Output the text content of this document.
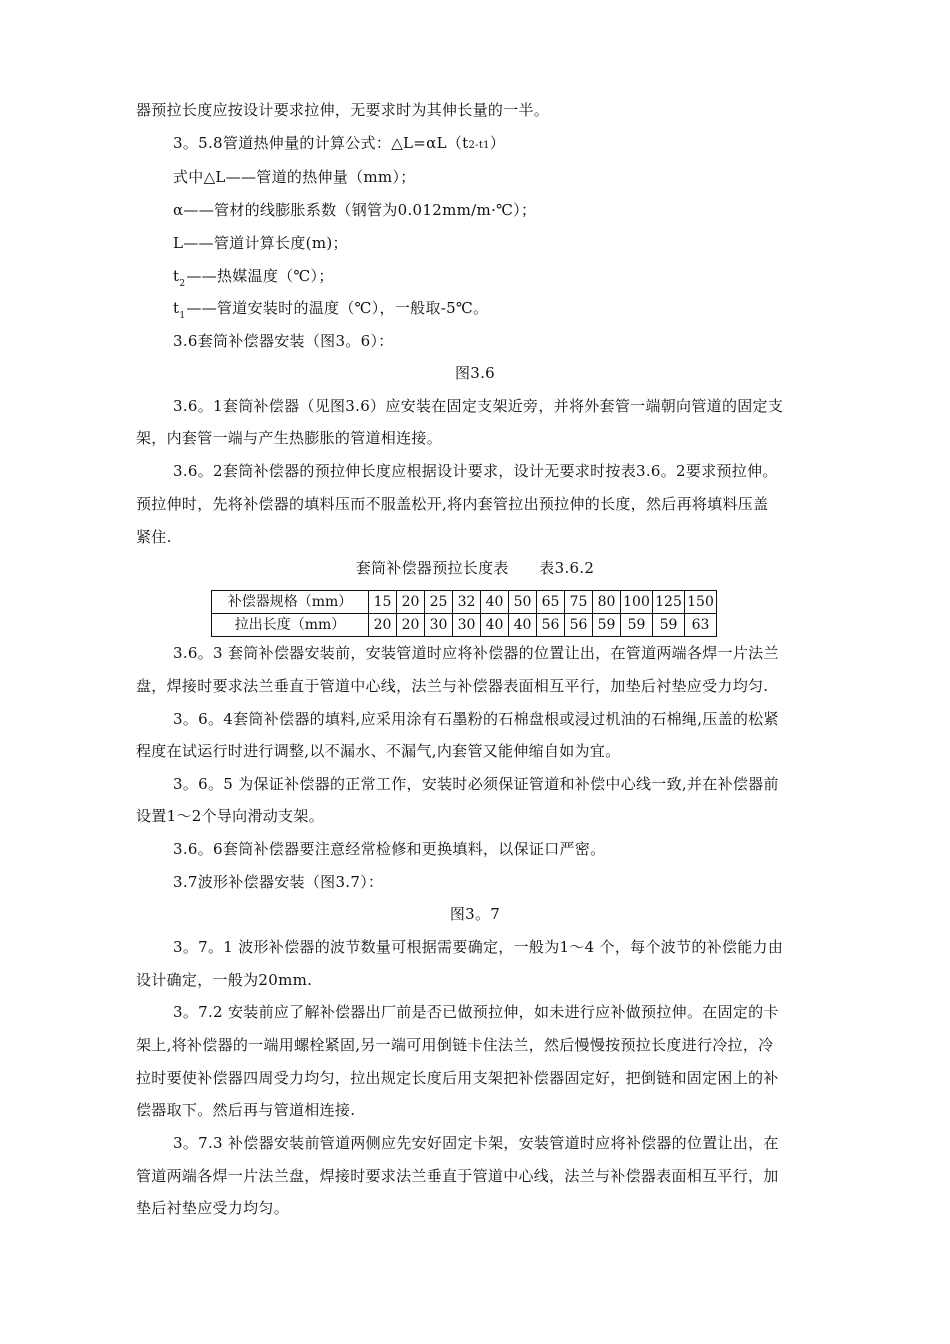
器预拉长度应按设计要求拉伸，无要求时为其伸长量的一半。
3。5.8管道热伸量的计算公式：△L=αL（t2-t1）
式中△L——管道的热伸量（mm）；
α——管材的线膨胀系数（钢管为0.012mm/m·℃）；
L——管道计算长度(m)；
$t_2——$热媒温度（℃）；
$t_1——$管道安装时的温度（℃），一般取-5℃。
3.6套筒补偿器安装（图3。6）：
图3.6
3.6。1套筒补偿器（见图3.6）应安装在固定支架近旁，并将外套管一端朝向管道的固定支
架，内套管一端与产生热膨胀的管道相连接。
3.6。2套筒补偿器的预拉伸长度应根据设计要求，设计无要求时按表3.6。2要求预拉伸。
预拉伸时，先将补偿器的填料压而不服盖松开,将内套管拉出预拉伸的长度，然后再将填料压盖
紧住.
套筒补偿器预拉长度表　　表3.6.2
补偿器规格（mm）	15	20	25	32	40	50	65	75	80	100	125	150
拉出长度（mm）	20	20	30	30	40	40	56	56	59	59	59	63
3.6。3 套筒补偿器安装前，安装管道时应将补偿器的位置让出，在管道两端各焊一片法兰
盘，焊接时要求法兰垂直于管道中心线，法兰与补偿器表面相互平行，加垫后衬垫应受力均匀.
3。6。4套筒补偿器的填料,应采用涂有石墨粉的石棉盘根或浸过机油的石棉绳,压盖的松紧
程度在试运行时进行调整,以不漏水、不漏气,内套管又能伸缩自如为宜。
3。6。5 为保证补偿器的正常工作，安装时必须保证管道和补偿中心线一致,并在补偿器前
设置1～2个导向滑动支架。
3.6。6套筒补偿器要注意经常检修和更换填料，以保证口严密。
3.7波形补偿器安装（图3.7）：
图3。7
3。7。1 波形补偿器的波节数量可根据需要确定，一般为1～4 个，每个波节的补偿能力由
设计确定，一般为20mm.
3。7.2 安装前应了解补偿器出厂前是否已做预拉伸，如未进行应补做预拉伸。在固定的卡
架上,将补偿器的一端用螺栓紧固,另一端可用倒链卡住法兰，然后慢慢按预拉长度进行冷拉，冷
拉时要使补偿器四周受力均匀，拉出规定长度后用支架把补偿器固定好，把倒链和固定困上的补
偿器取下。然后再与管道相连接.
3。7.3 补偿器安装前管道两侧应先安好固定卡架，安装管道时应将补偿器的位置让出，在
管道两端各焊一片法兰盘，焊接时要求法兰垂直于管道中心线，法兰与补偿器表面相互平行，加
垫后衬垫应受力均匀。
